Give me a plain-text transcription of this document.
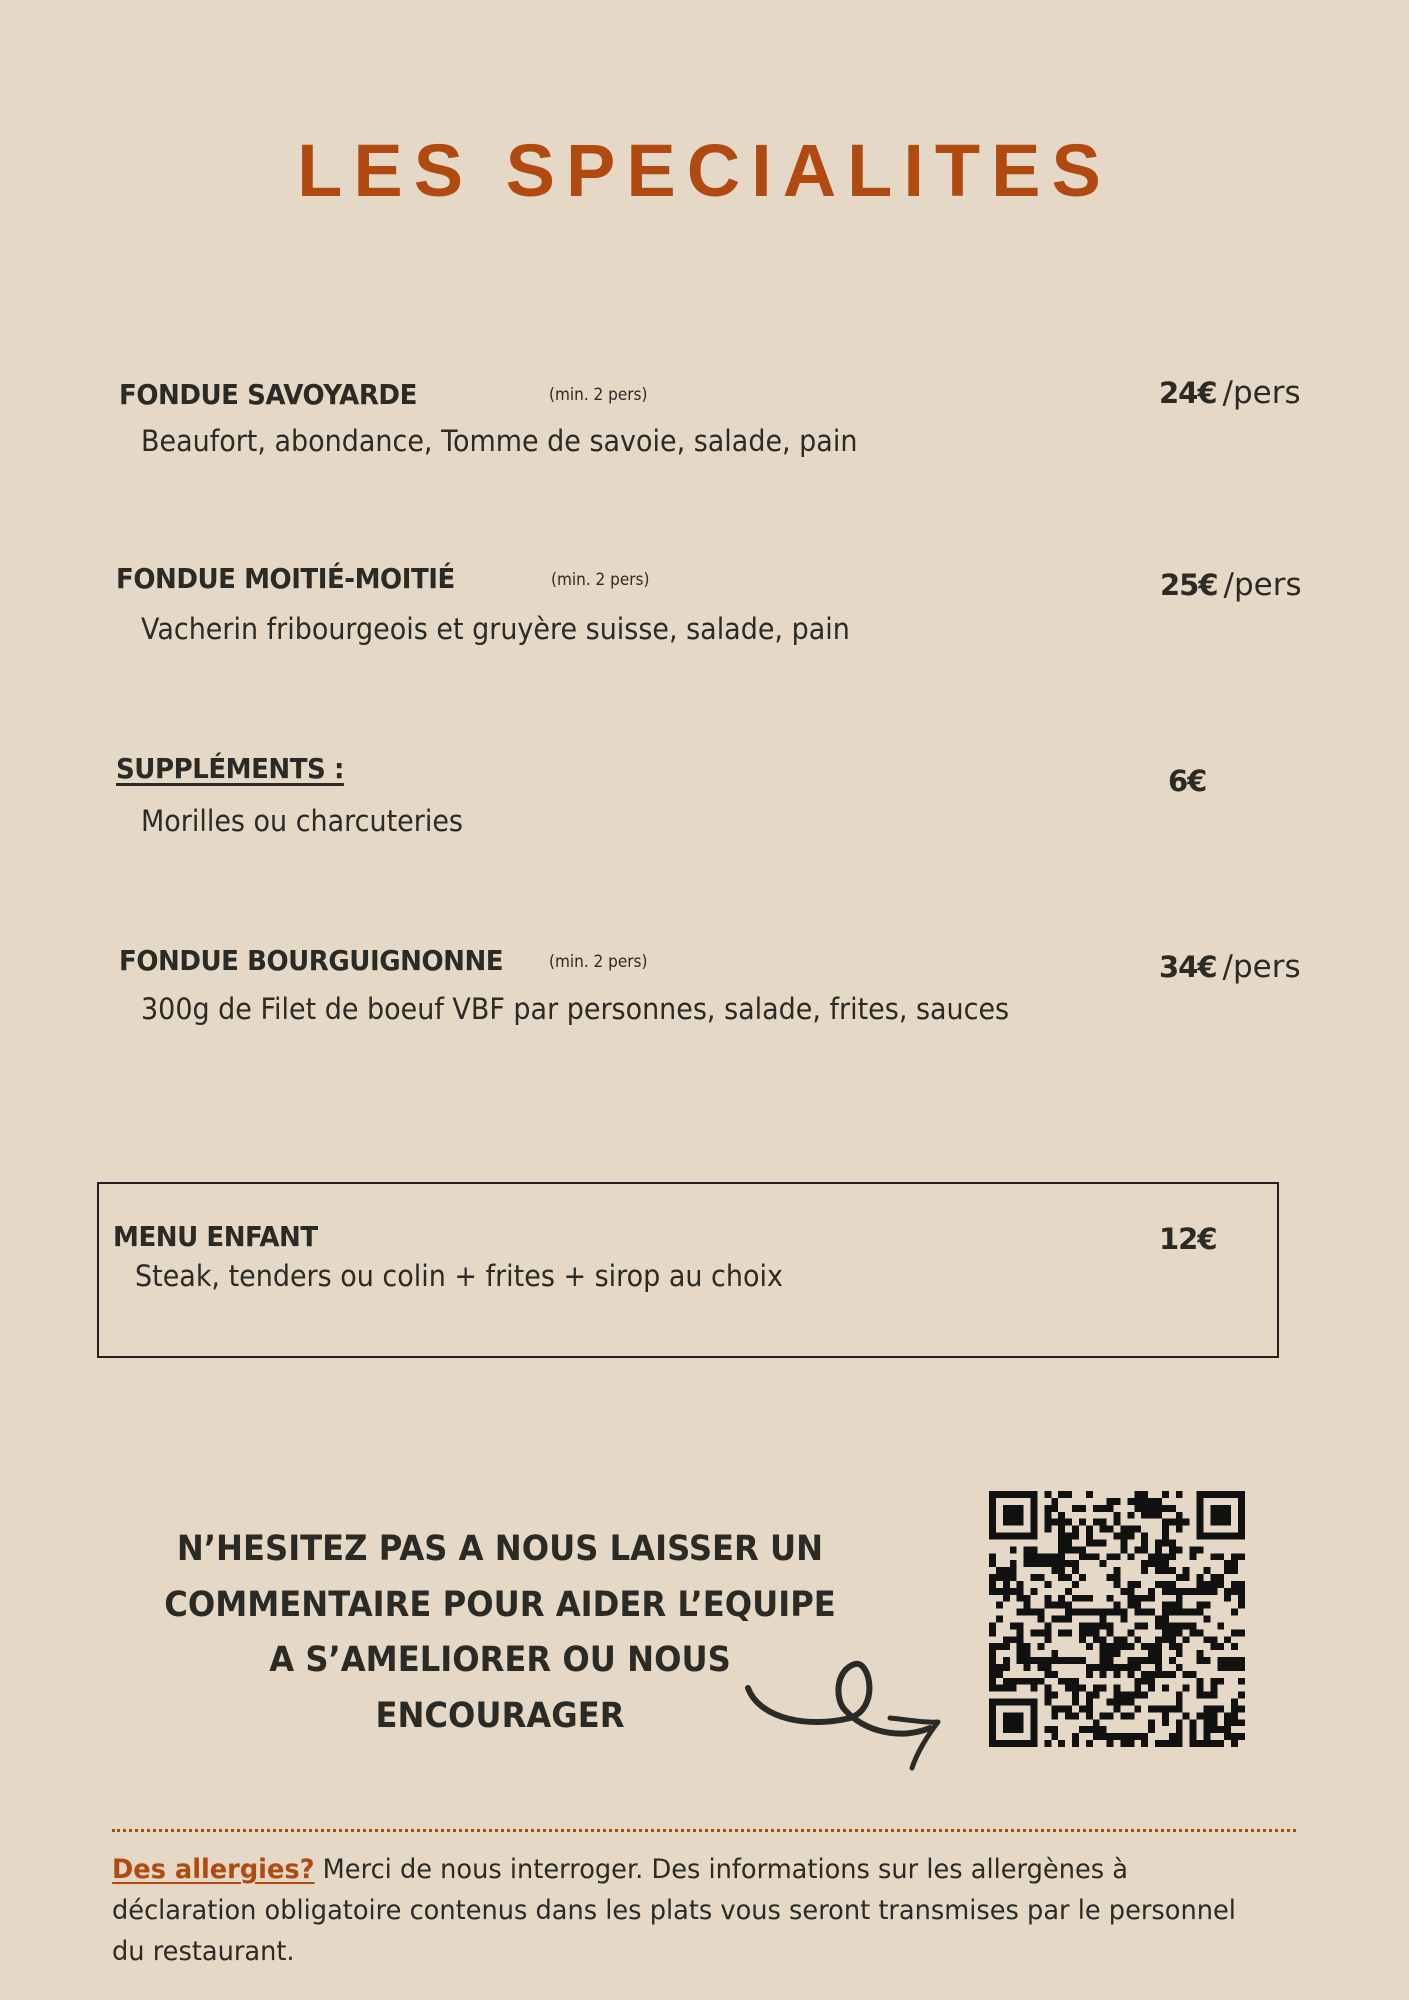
LES SPECIALITES
FONDUE SAVOYARDE	(min. 2 pers)
Beaufort, abondance, Tomme de savoie, salade, pain
24€ /pers
FONDUE MOITIÉ-MOITIÉ	(min. 2 pers)
Vacherin fribourgeois et gruyère suisse, salade, pain
25€ /pers
SUPPLÉMENTS :
Morilles ou charcuteries
6€
FONDUE BOURGUIGNONNE	(min. 2 pers)
300g de Filet de boeuf VBF par personnes, salade, frites, sauces
34€ /pers
MENU ENFANT
Steak, tenders ou colin + frites + sirop au choix
12€
N’HESITEZ PAS A NOUS LAISSER UN
COMMENTAIRE POUR AIDER L’EQUIPE
A S’AMELIORER OU NOUS
ENCOURAGER
Des allergies? Merci de nous interroger. Des informations sur les allergènes à déclaration obligatoire contenus dans les plats vous seront transmises par le personnel du restaurant.
